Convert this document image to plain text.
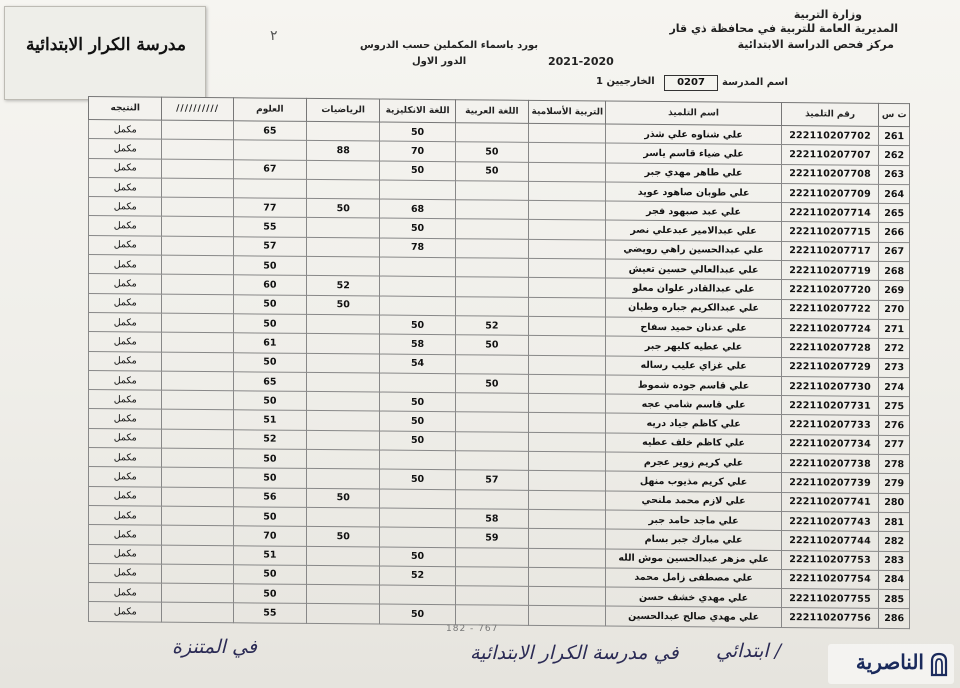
مدرسة الكرار الابتدائية	٢
وزارة التربية
المديرية العامة للتربية في محافظة ذي قار
مركز فحص الدراسة الابتدائية
بورد باسماء المكملين حسب الدروس
الدور الاول	2021-2020
اسم المدرسة
0207
الخارجيين 1
ت س	رقم التلميذ	اسم التلميذ	التربية الأسلامية	اللغة العربية	اللغة الانكليزية	الرياضيات	العلوم	//////////	النتيجه
261	222110207702	علي شناوه علي شذر			50		65		مكمل
262	222110207707	علي ضياء قاسم ياسر		50	70	88			مكمل
263	222110207708	علي طاهر مهدي جبر		50	50		67		مكمل
264	222110207709	علي طوبان صاهود عويد							مكمل
265	222110207714	علي عبد صبهود فجر			68	50	77		مكمل
266	222110207715	علي عبدالامير عبدعلي نصر			50		55		مكمل
267	222110207717	علي عبدالحسين راهي رويضي			78		57		مكمل
268	222110207719	علي عبدالعالي حسين تعيش					50		مكمل
269	222110207720	علي عبدالقادر علوان معلو				52	60		مكمل
270	222110207722	علي عبدالكريم جباره وطبان				50	50		مكمل
271	222110207724	علي عدنان حميد سفاح		52	50		50		مكمل
272	222110207728	علي عطيه كليهر جبر		50	58		61		مكمل
273	222110207729	علي غزاي عليب رساله			54		50		مكمل
274	222110207730	علي قاسم جوده شموط		50			65		مكمل
275	222110207731	علي قاسم شامي عجه			50		50		مكمل
276	222110207733	علي كاظم جياد دريه			50		51		مكمل
277	222110207734	علي كاظم خلف عطيه			50		52		مكمل
278	222110207738	علي كريم زوير عجرم					50		مكمل
279	222110207739	علي كريم مذيوب منهل		57	50		50		مكمل
280	222110207741	علي لازم محمد ملنحي				50	56		مكمل
281	222110207743	علي ماجد حامد جبر		58			50		مكمل
282	222110207744	علي مبارك جبر بسام		59		50	70		مكمل
283	222110207753	علي مزهر عبدالحسين موش الله			50		51		مكمل
284	222110207754	علي مصطفى زامل محمد			52		50		مكمل
285	222110207755	علي مهدي خشف حسن					50		مكمل
286	222110207756	علي مهدي صالح عبدالحسين			50		55		مكمل
182 - 767
/ ابتدائي
في مدرسة الكرار الابتدائية
في المتنزة
الناصرية
